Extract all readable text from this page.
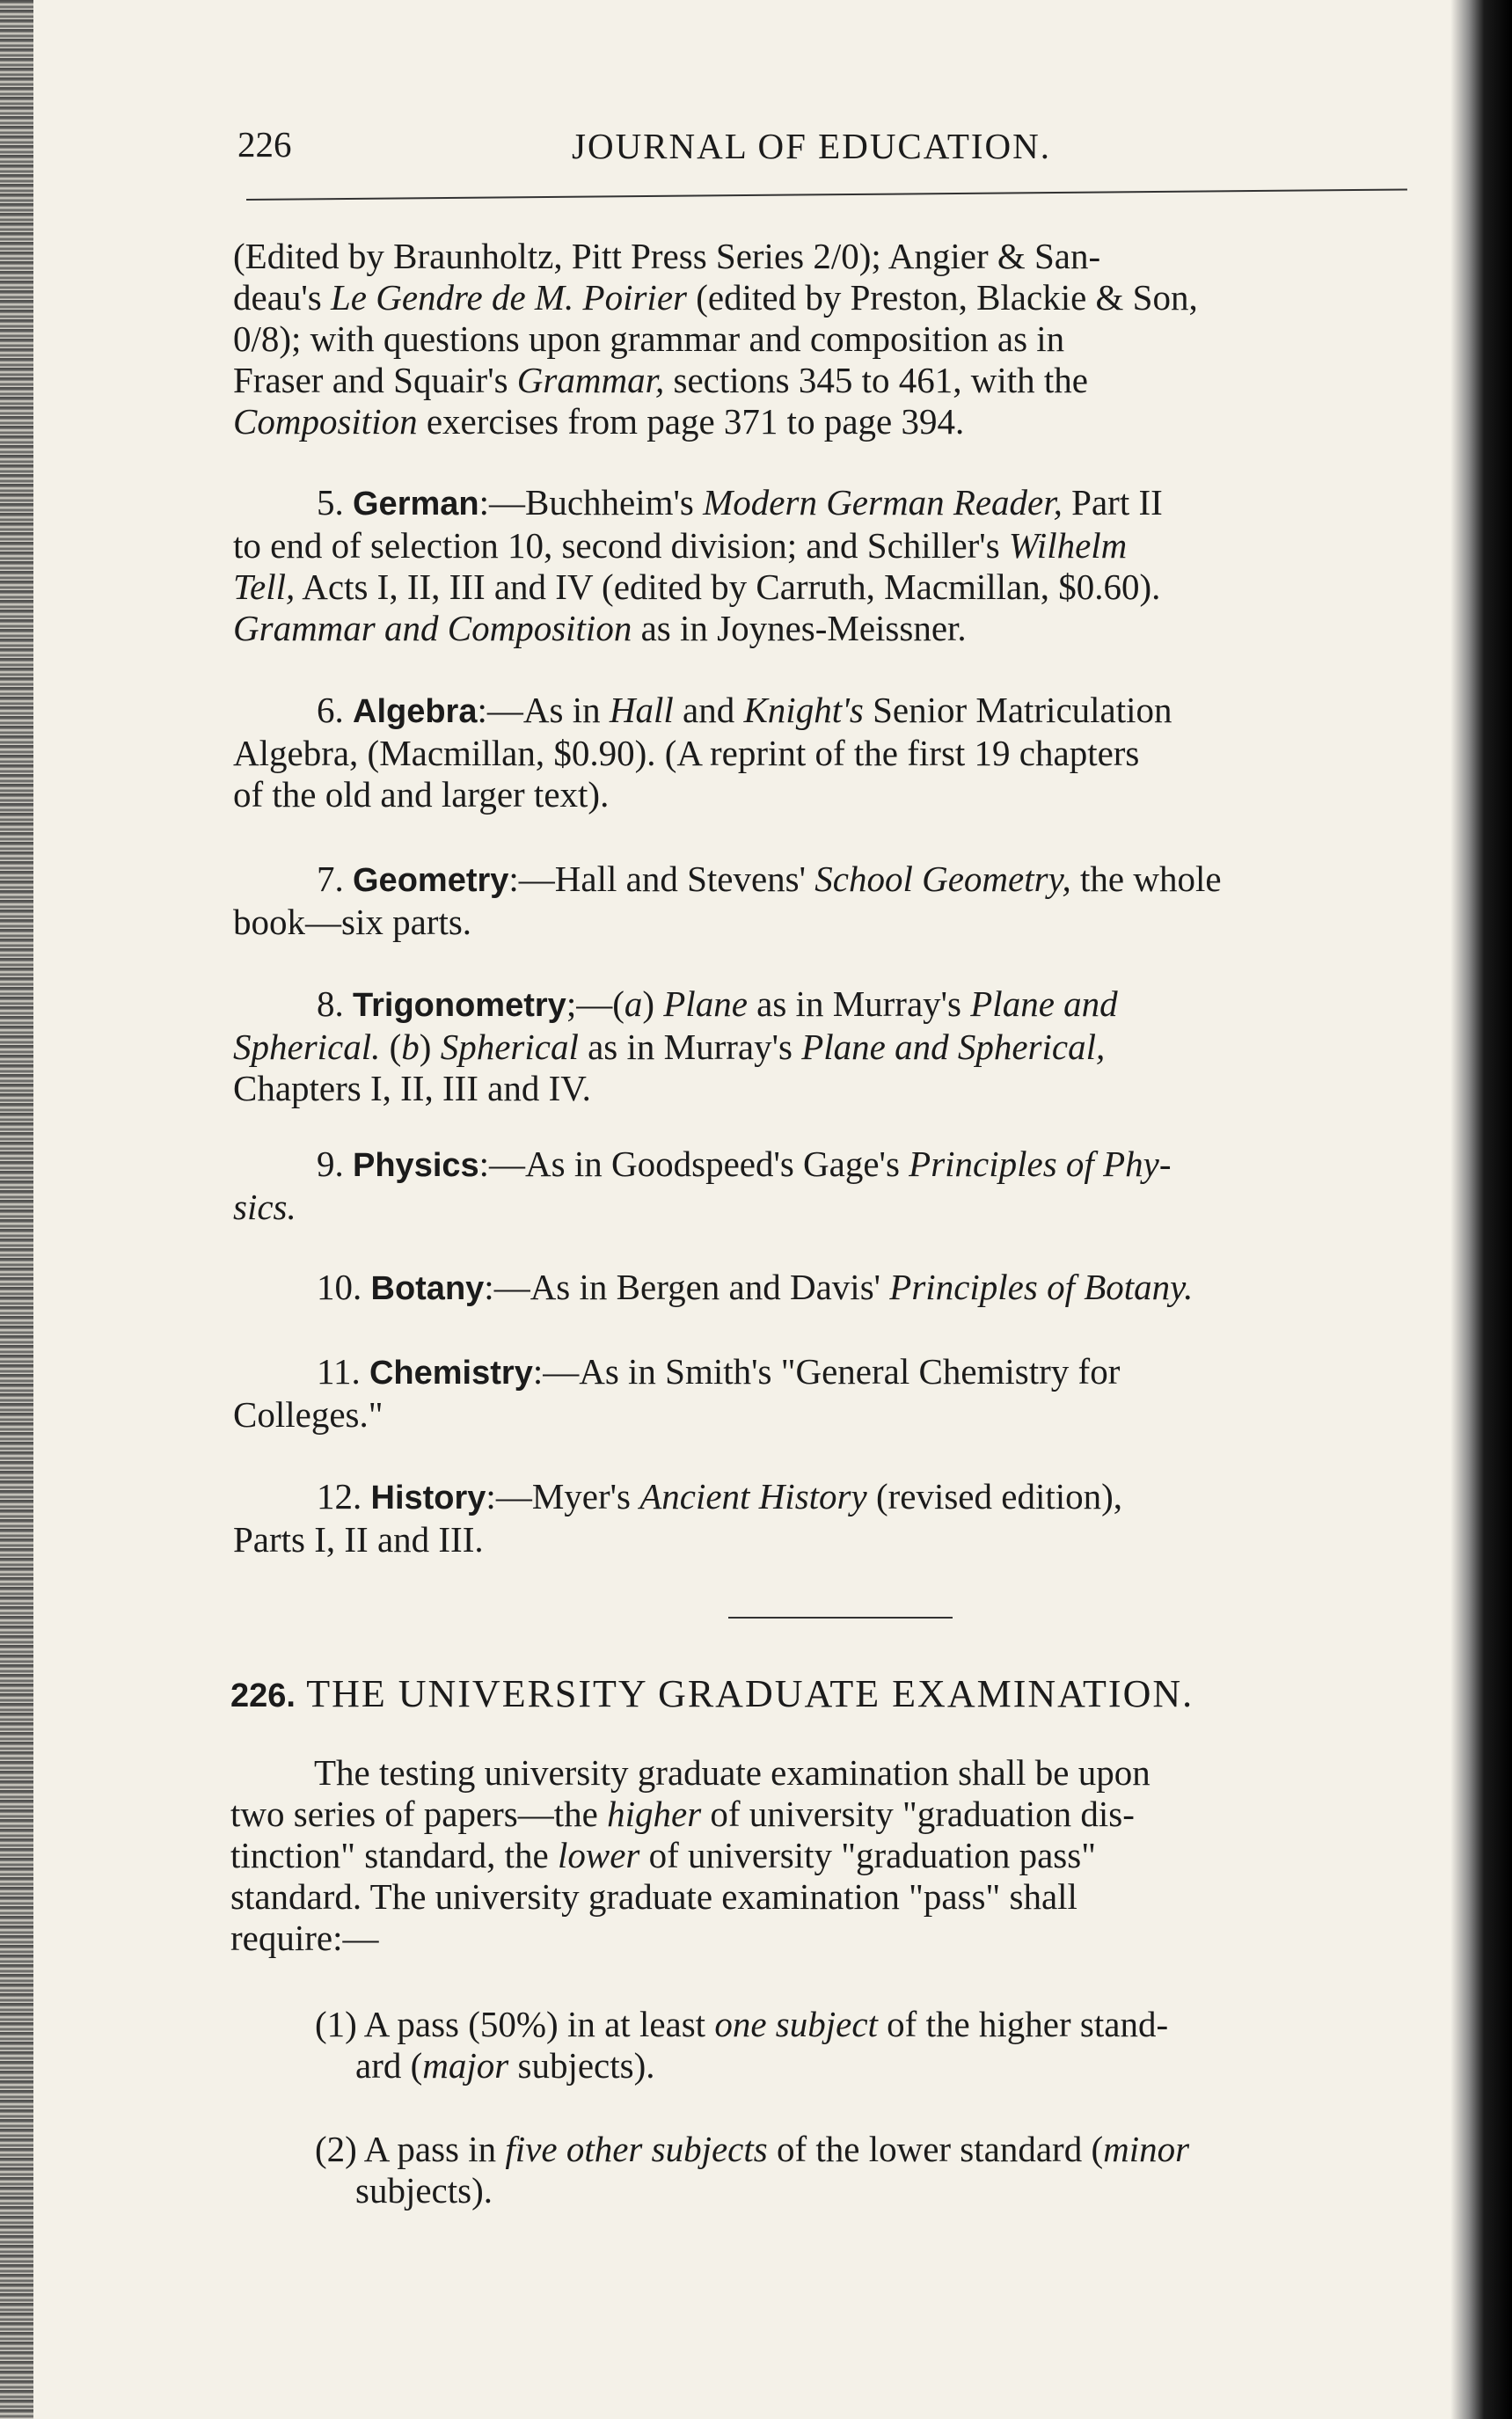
226	JOURNAL OF EDUCATION.
(Edited by Braunholtz, Pitt Press Series 2/0); Angier & San-
deau's Le Gendre de M. Poirier (edited by Preston, Blackie & Son,
0/8); with questions upon grammar and composition as in
Fraser and Squair's Grammar, sections 345 to 461, with the
Composition exercises from page 371 to page 394.
5. German:—Buchheim's Modern German Reader, Part II
to end of selection 10, second division; and Schiller's Wilhelm
Tell, Acts I, II, III and IV (edited by Carruth, Macmillan, $0.60).
Grammar and Composition as in Joynes-Meissner.
6. Algebra:—As in Hall and Knight's Senior Matriculation
Algebra, (Macmillan, $0.90). (A reprint of the first 19 chapters
of the old and larger text).
7. Geometry:—Hall and Stevens' School Geometry, the whole
book—six parts.
8. Trigonometry;—(a) Plane as in Murray's Plane and
Spherical. (b) Spherical as in Murray's Plane and Spherical,
Chapters I, II, III and IV.
9. Physics:—As in Goodspeed's Gage's Principles of Phy-
sics.
10. Botany:—As in Bergen and Davis' Principles of Botany.
11. Chemistry:—As in Smith's "General Chemistry for
Colleges."
12. History:—Myer's Ancient History (revised edition),
Parts I, II and III.
226. THE UNIVERSITY GRADUATE EXAMINATION.
The testing university graduate examination shall be upon
two series of papers—the higher of university "graduation dis-
tinction" standard, the lower of university "graduation pass"
standard. The university graduate examination "pass" shall
require:—
(1) A pass (50%) in at least one subject of the higher stand-
ard (major subjects).
(2) A pass in five other subjects of the lower standard (minor
subjects).
